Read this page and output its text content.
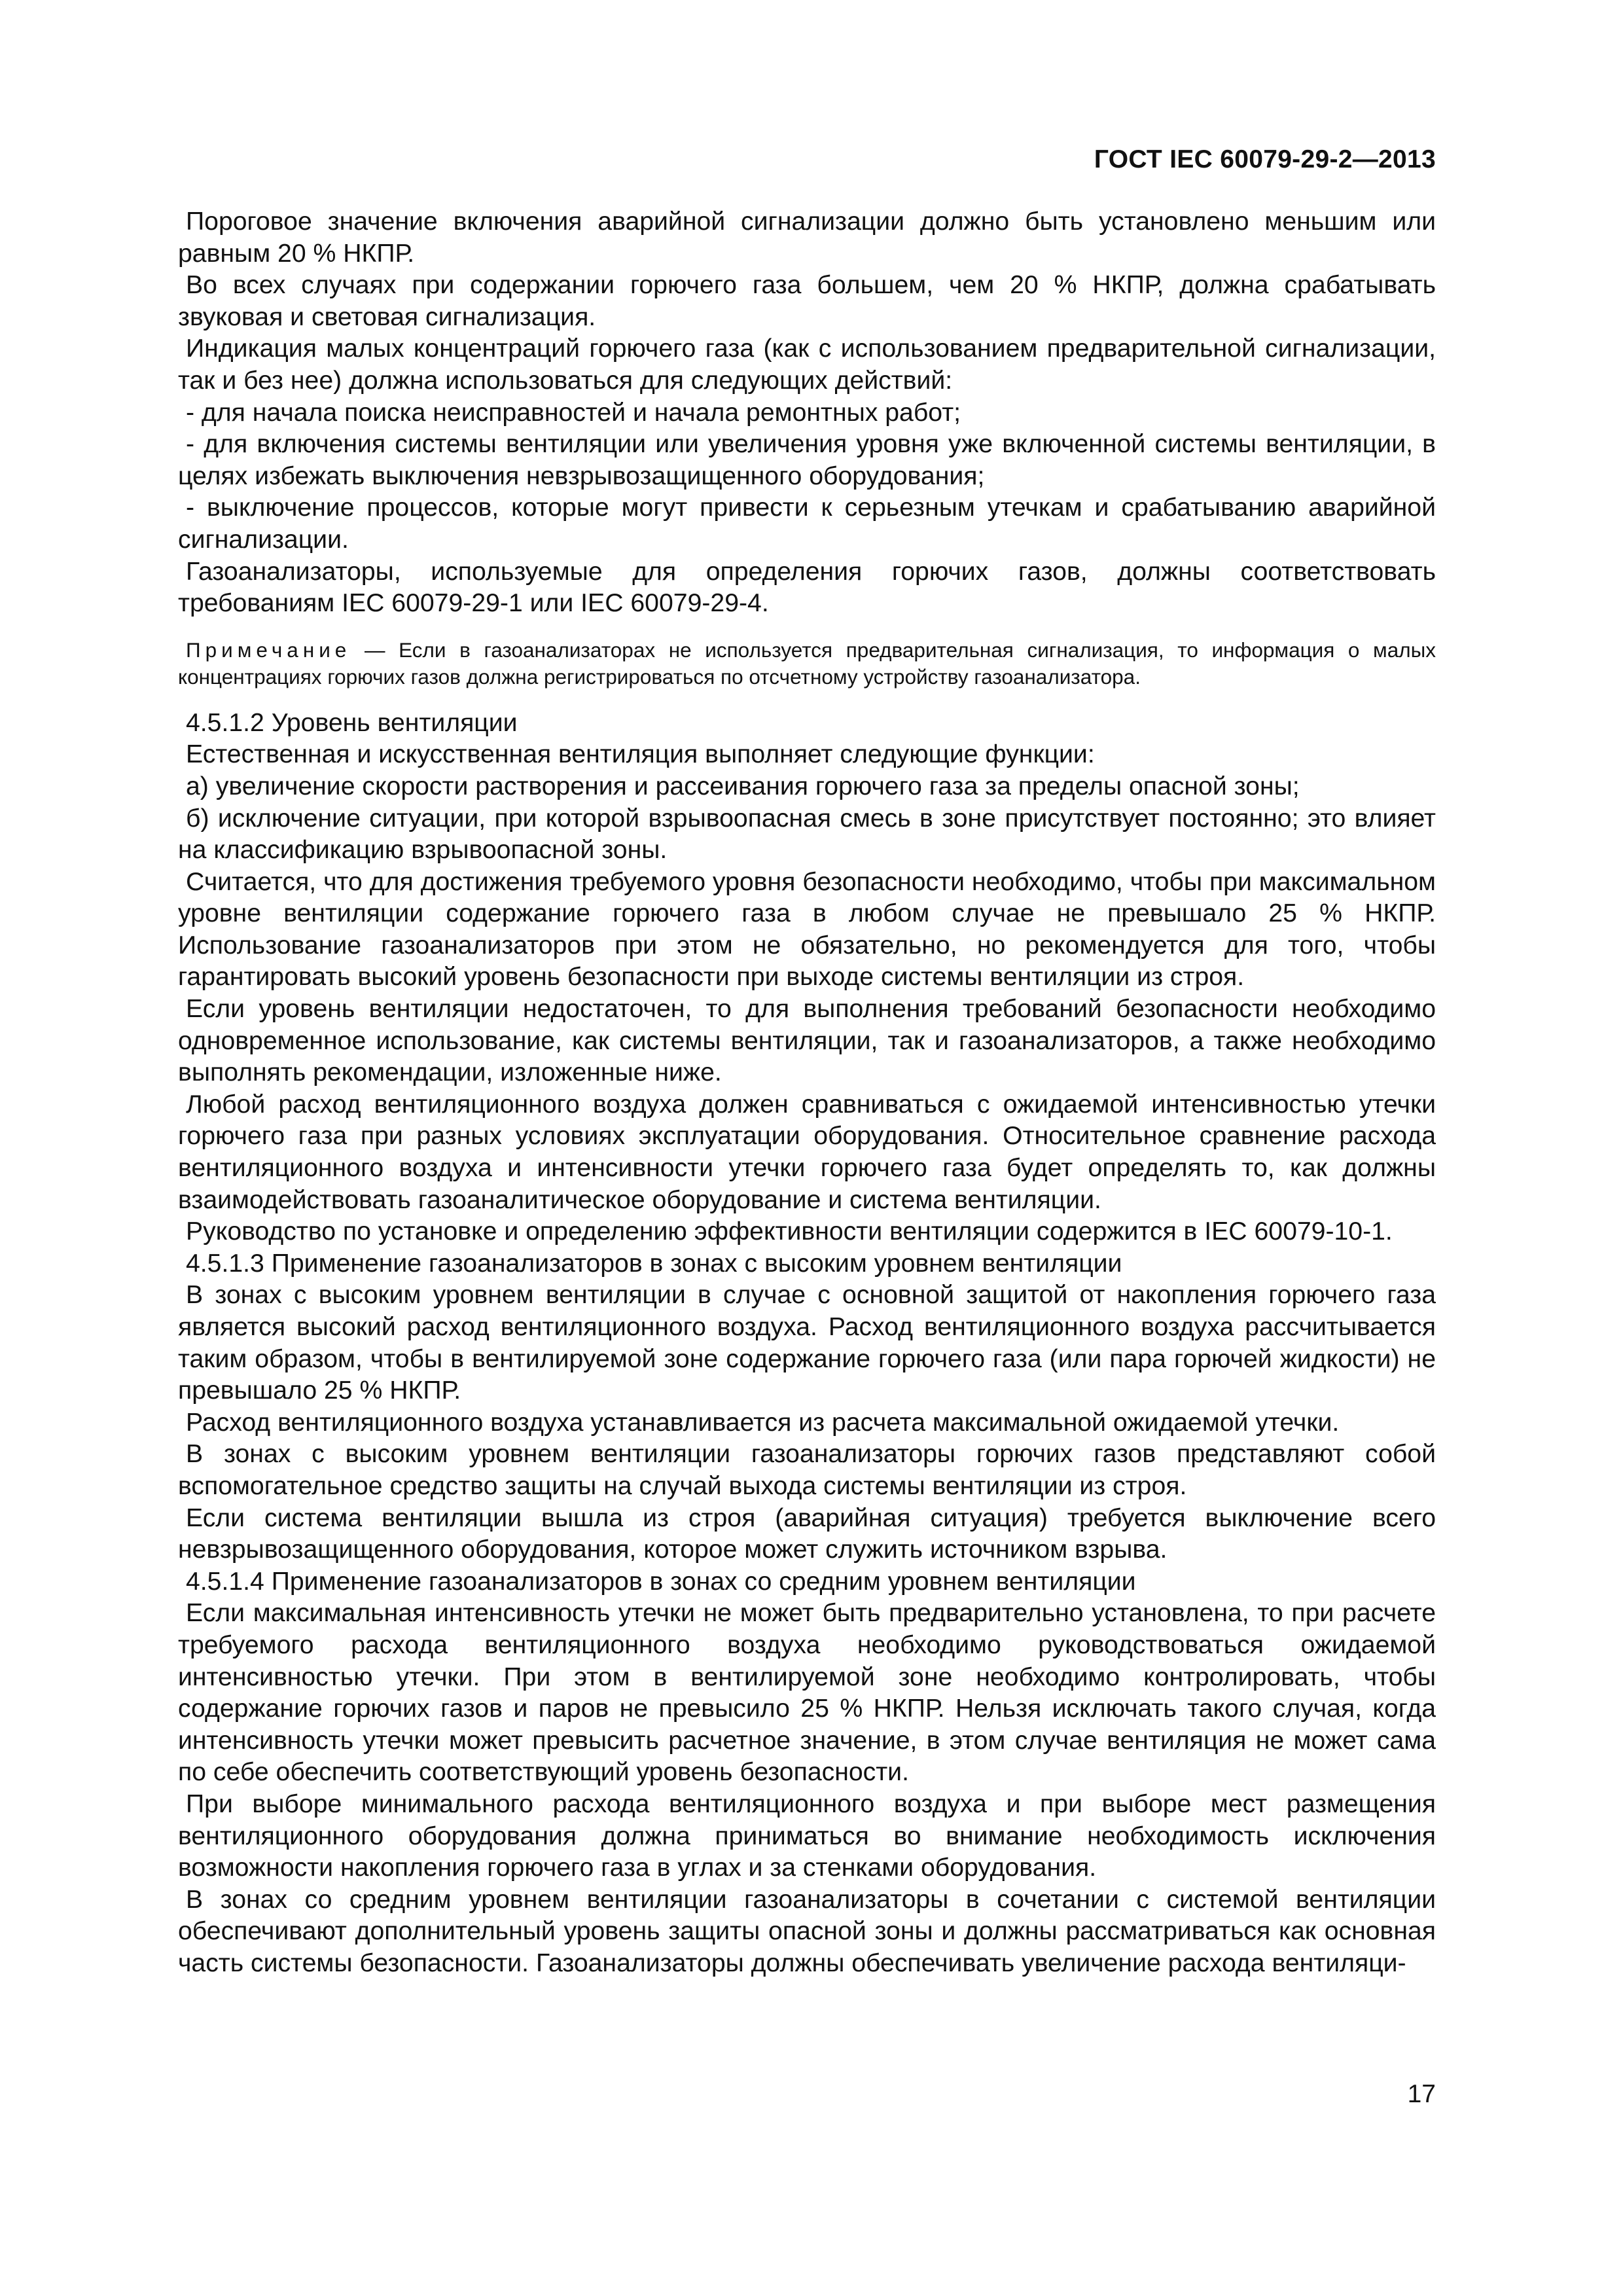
ГОСТ IEC 60079-29-2—2013

Пороговое значение включения аварийной сигнализации должно быть установлено меньшим или равным 20 % НКПР.

Во всех случаях при содержании горючего газа большем, чем 20 % НКПР, должна срабатывать звуковая и световая сигнализация.

Индикация малых концентраций горючего газа (как с использованием предварительной сигнализации, так и без нее) должна использоваться для следующих действий:

- для начала поиска неисправностей и начала ремонтных работ;

- для включения системы вентиляции или увеличения уровня уже включенной системы вентиляции, в целях избежать выключения невзрывозащищенного оборудования;

- выключение процессов, которые могут привести к серьезным утечкам и срабатыванию аварийной сигнализации.

Газоанализаторы, используемые для определения горючих газов, должны соответствовать требованиям IEC 60079-29-1 или IEC 60079-29-4.

Примечание — Если в газоанализаторах не используется предварительная сигнализация, то информация о малых концентрациях горючих газов должна регистрироваться по отсчетному устройству газоанализатора.

4.5.1.2 Уровень вентиляции

Естественная и искусственная вентиляция выполняет следующие функции:

а) увеличение скорости растворения и рассеивания горючего газа за пределы опасной зоны;

б) исключение ситуации, при которой взрывоопасная смесь в зоне присутствует постоянно; это влияет на классификацию взрывоопасной зоны.

Считается, что для достижения требуемого уровня безопасности необходимо, чтобы при максимальном уровне вентиляции содержание горючего газа в любом случае не превышало 25 % НКПР. Использование газоанализаторов при этом не обязательно, но рекомендуется для того, чтобы гарантировать высокий уровень безопасности при выходе системы вентиляции из строя.

Если уровень вентиляции недостаточен, то для выполнения требований безопасности необходимо одновременное использование, как системы вентиляции, так и газоанализаторов, а также необходимо выполнять рекомендации, изложенные ниже.

Любой расход вентиляционного воздуха должен сравниваться с ожидаемой интенсивностью утечки горючего газа при разных условиях эксплуатации оборудования. Относительное сравнение расхода вентиляционного воздуха и интенсивности утечки горючего газа будет определять то, как должны взаимодействовать газоаналитическое оборудование и система вентиляции.

Руководство по установке и определению эффективности вентиляции содержится в IEC 60079-10-1.

4.5.1.3 Применение газоанализаторов в зонах с высоким уровнем вентиляции

В зонах с высоким уровнем вентиляции в случае с основной защитой от накопления горючего газа является высокий расход вентиляционного воздуха. Расход вентиляционного воздуха рассчитывается таким образом, чтобы в вентилируемой зоне содержание горючего газа (или пара горючей жидкости) не превышало 25 % НКПР.

Расход вентиляционного воздуха устанавливается из расчета максимальной ожидаемой утечки.

В зонах с высоким уровнем вентиляции газоанализаторы горючих газов представляют собой вспомогательное средство защиты на случай выхода системы вентиляции из строя.

Если система вентиляции вышла из строя (аварийная ситуация) требуется выключение всего невзрывозащищенного оборудования, которое может служить источником взрыва.

4.5.1.4 Применение газоанализаторов в зонах со средним уровнем вентиляции

Если максимальная интенсивность утечки не может быть предварительно установлена, то при расчете требуемого расхода вентиляционного воздуха необходимо руководствоваться ожидаемой интенсивностью утечки. При этом в вентилируемой зоне необходимо контролировать, чтобы содержание горючих газов и паров не превысило 25 % НКПР. Нельзя исключать такого случая, когда интенсивность утечки может превысить расчетное значение, в этом случае вентиляция не может сама по себе обеспечить соответствующий уровень безопасности.

При выборе минимального расхода вентиляционного воздуха и при выборе мест размещения вентиляционного оборудования должна приниматься во внимание необходимость исключения возможности накопления горючего газа в углах и за стенками оборудования.

В зонах со средним уровнем вентиляции газоанализаторы в сочетании с системой вентиляции обеспечивают дополнительный уровень защиты опасной зоны и должны рассматриваться как основная часть системы безопасности. Газоанализаторы должны обеспечивать увеличение расхода вентиляци-

17
